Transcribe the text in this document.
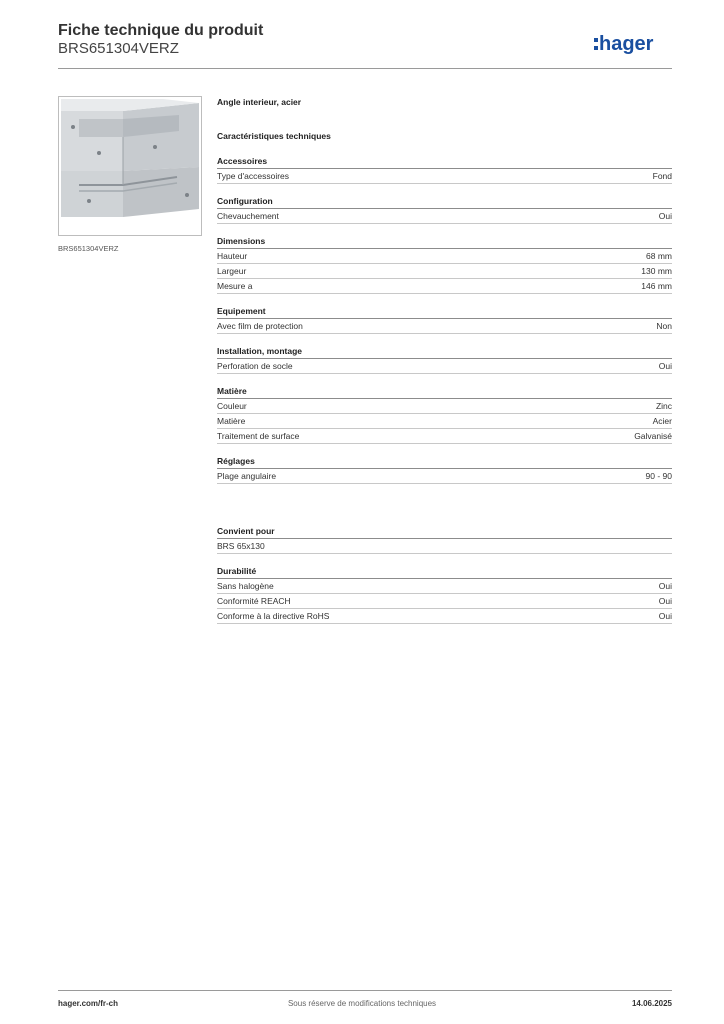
Fiche technique du produit
BRS651304VERZ	hager
BRS651304VERZ
Angle interieur, acier
Caractéristiques techniques
Accessoires
Type d'accessoires	Fond
Configuration
Chevauchement	Oui
Dimensions
Hauteur	68 mm
Largeur	130 mm
Mesure a	146 mm
Equipement
Avec film de protection	Non
Installation, montage
Perforation de socle	Oui
Matière
Couleur	Zinc
Matière	Acier
Traitement de surface	Galvanisé
Réglages
Plage angulaire	90 - 90
Convient pour
BRS 65x130
Durabilité
Sans halogène	Oui
Conformité REACH	Oui
Conforme à la directive RoHS	Oui
hager.com/fr-ch	Sous réserve de modifications techniques	14.06.2025
